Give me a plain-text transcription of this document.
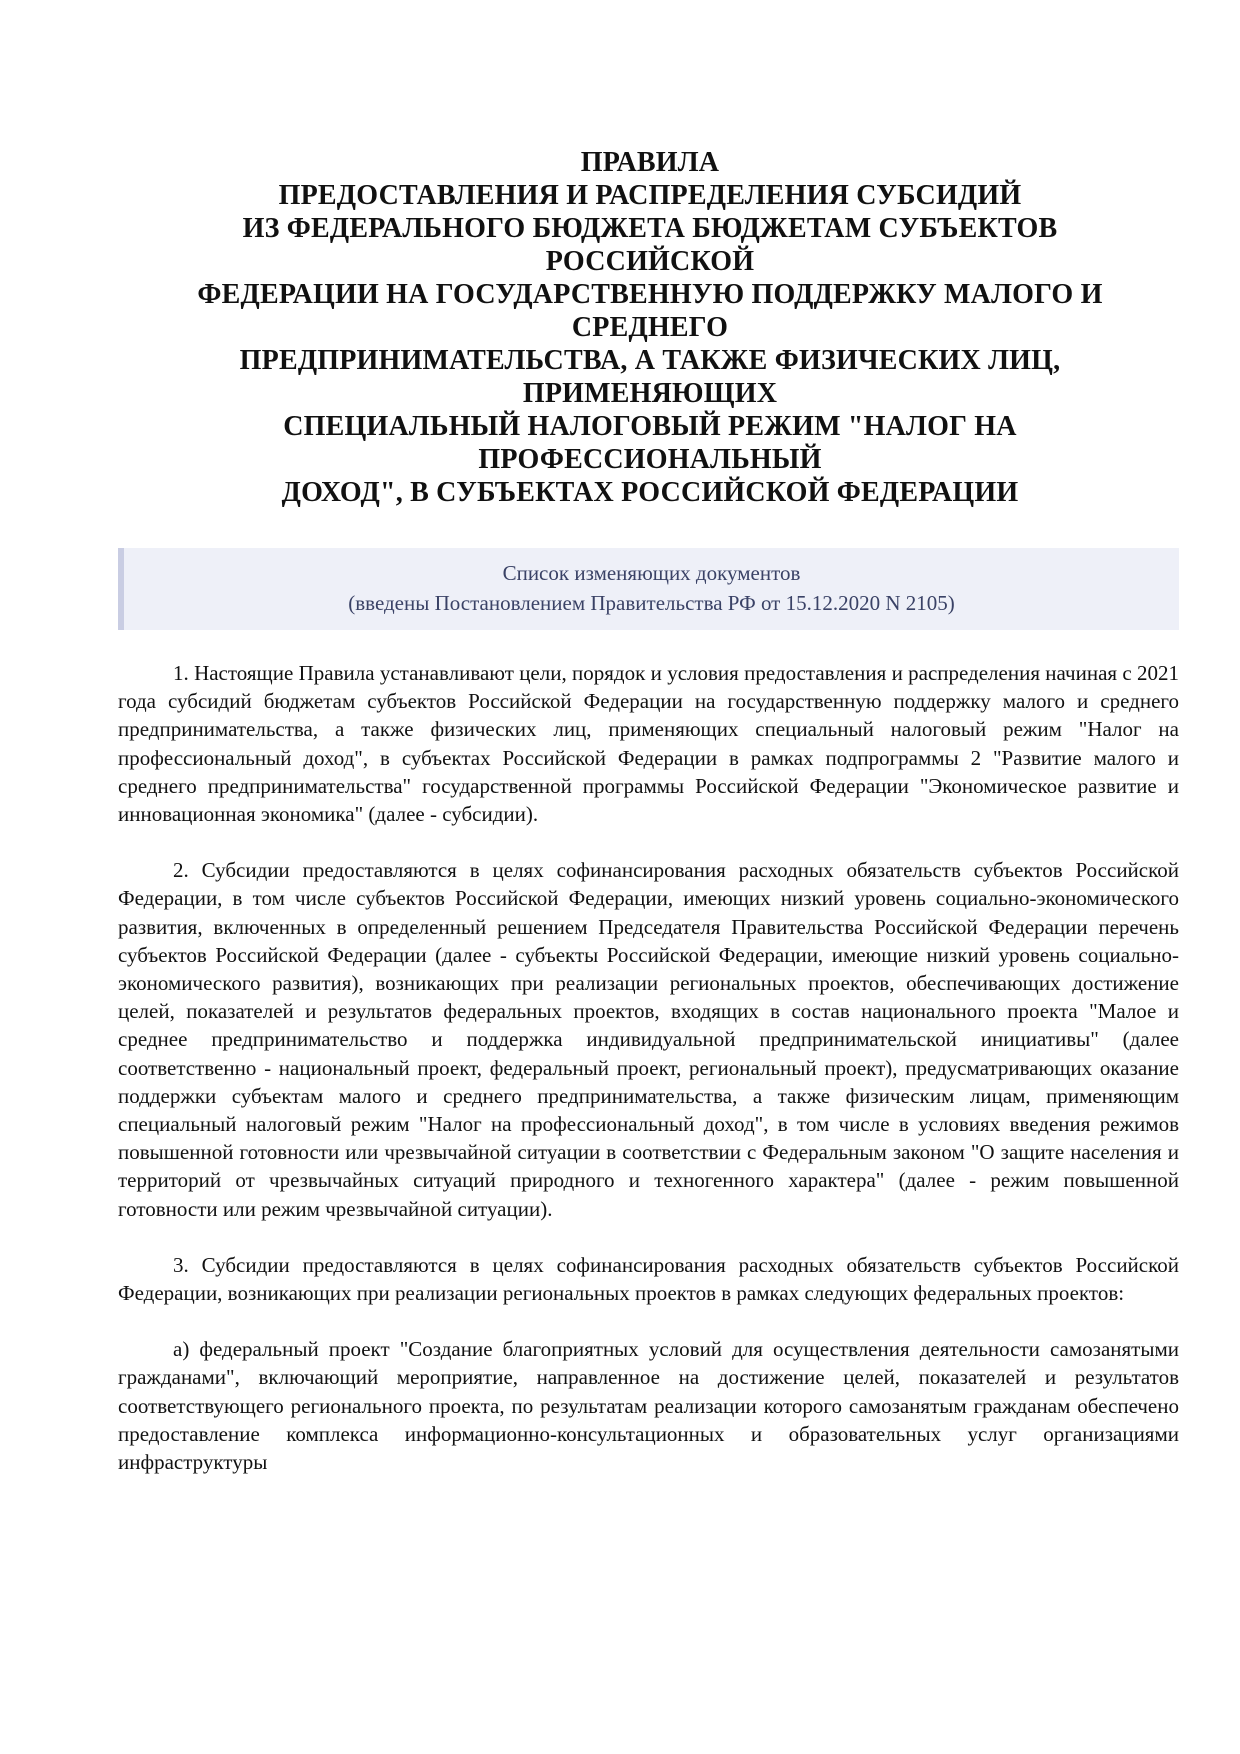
ПРАВИЛА
ПРЕДОСТАВЛЕНИЯ И РАСПРЕДЕЛЕНИЯ СУБСИДИЙ
ИЗ ФЕДЕРАЛЬНОГО БЮДЖЕТА БЮДЖЕТАМ СУБЪЕКТОВ
РОССИЙСКОЙ
ФЕДЕРАЦИИ НА ГОСУДАРСТВЕННУЮ ПОДДЕРЖКУ МАЛОГО И
СРЕДНЕГО
ПРЕДПРИНИМАТЕЛЬСТВА, А ТАКЖЕ ФИЗИЧЕСКИХ ЛИЦ,
ПРИМЕНЯЮЩИХ
СПЕЦИАЛЬНЫЙ НАЛОГОВЫЙ РЕЖИМ "НАЛОГ НА
ПРОФЕССИОНАЛЬНЫЙ
ДОХОД", В СУБЪЕКТАХ РОССИЙСКОЙ ФЕДЕРАЦИИ
Список изменяющих документов
(введены Постановлением Правительства РФ от 15.12.2020 N 2105)

1. Настоящие Правила устанавливают цели, порядок и условия предоставления и распределения начиная с 2021 года субсидий бюджетам субъектов Российской Федерации на государственную поддержку малого и среднего предпринимательства, а также физических лиц, применяющих специальный налоговый режим "Налог на профессиональный доход", в субъектах Российской Федерации в рамках подпрограммы 2 "Развитие малого и среднего предпринимательства" государственной программы Российской Федерации "Экономическое развитие и инновационная экономика" (далее - субсидии).

2. Субсидии предоставляются в целях софинансирования расходных обязательств субъектов Российской Федерации, в том числе субъектов Российской Федерации, имеющих низкий уровень социально-экономического развития, включенных в определенный решением Председателя Правительства Российской Федерации перечень субъектов Российской Федерации (далее - субъекты Российской Федерации, имеющие низкий уровень социально-экономического развития), возникающих при реализации региональных проектов, обеспечивающих достижение целей, показателей и результатов федеральных проектов, входящих в состав национального проекта "Малое и среднее предпринимательство и поддержка индивидуальной предпринимательской инициативы" (далее соответственно - национальный проект, федеральный проект, региональный проект), предусматривающих оказание поддержки субъектам малого и среднего предпринимательства, а также физическим лицам, применяющим специальный налоговый режим "Налог на профессиональный доход", в том числе в условиях введения режимов повышенной готовности или чрезвычайной ситуации в соответствии с Федеральным законом "О защите населения и территорий от чрезвычайных ситуаций природного и техногенного характера" (далее - режим повышенной готовности или режим чрезвычайной ситуации).

3. Субсидии предоставляются в целях софинансирования расходных обязательств субъектов Российской Федерации, возникающих при реализации региональных проектов в рамках следующих федеральных проектов:

а) федеральный проект "Создание благоприятных условий для осуществления деятельности самозанятыми гражданами", включающий мероприятие, направленное на достижение целей, показателей и результатов соответствующего регионального проекта, по результатам реализации которого самозанятым гражданам обеспечено предоставление комплекса информационно-консультационных и образовательных услуг организациями инфраструктуры
